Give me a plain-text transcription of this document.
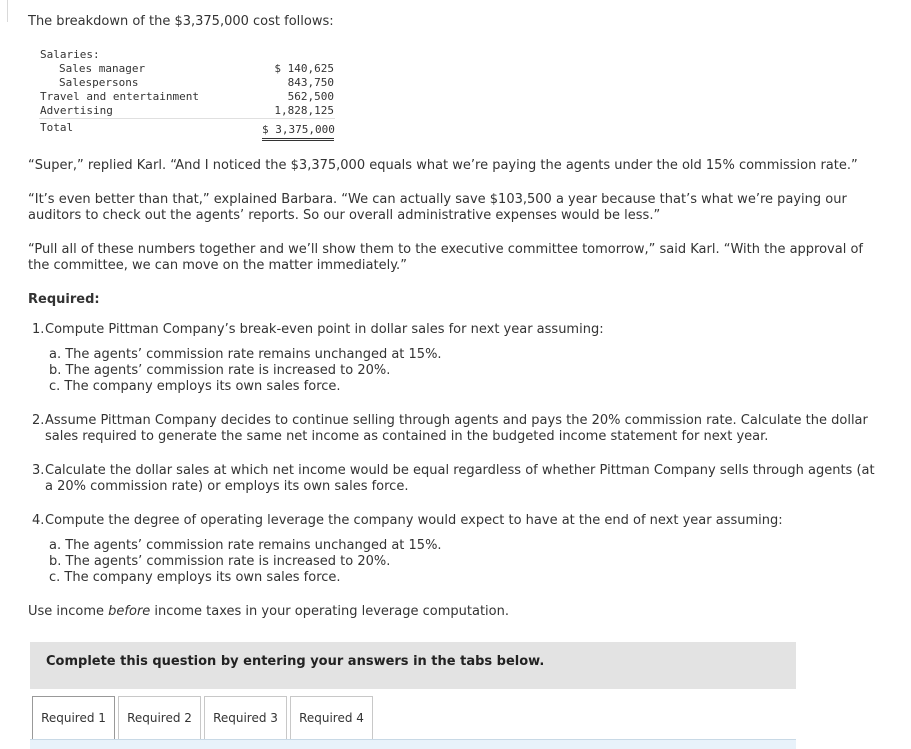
The breakdown of the $3,375,000 cost follows:
Salaries:
Sales manager	$ 140,625
Salespersons	843,750
Travel and entertainment	562,500
Advertising	1,828,125
Total	$ 3,375,000
“Super,” replied Karl. “And I noticed the $3,375,000 equals what we’re paying the agents under the old 15% commission rate.”
“It’s even better than that,” explained Barbara. “We can actually save $103,500 a year because that’s what we’re paying our auditors to check out the agents’ reports. So our overall administrative expenses would be less.”
“Pull all of these numbers together and we’ll show them to the executive committee tomorrow,” said Karl. “With the approval of the committee, we can move on the matter immediately.”
Required:
1. Compute Pittman Company’s break-even point in dollar sales for next year assuming:
a. The agents’ commission rate remains unchanged at 15%.
b. The agents’ commission rate is increased to 20%.
c. The company employs its own sales force.
2. Assume Pittman Company decides to continue selling through agents and pays the 20% commission rate. Calculate the dollar sales required to generate the same net income as contained in the budgeted income statement for next year.
3. Calculate the dollar sales at which net income would be equal regardless of whether Pittman Company sells through agents (at a 20% commission rate) or employs its own sales force.
4. Compute the degree of operating leverage the company would expect to have at the end of next year assuming:
a. The agents’ commission rate remains unchanged at 15%.
b. The agents’ commission rate is increased to 20%.
c. The company employs its own sales force.
Use income before income taxes in your operating leverage computation.
Complete this question by entering your answers in the tabs below.
Required 1	Required 2	Required 3	Required 4
